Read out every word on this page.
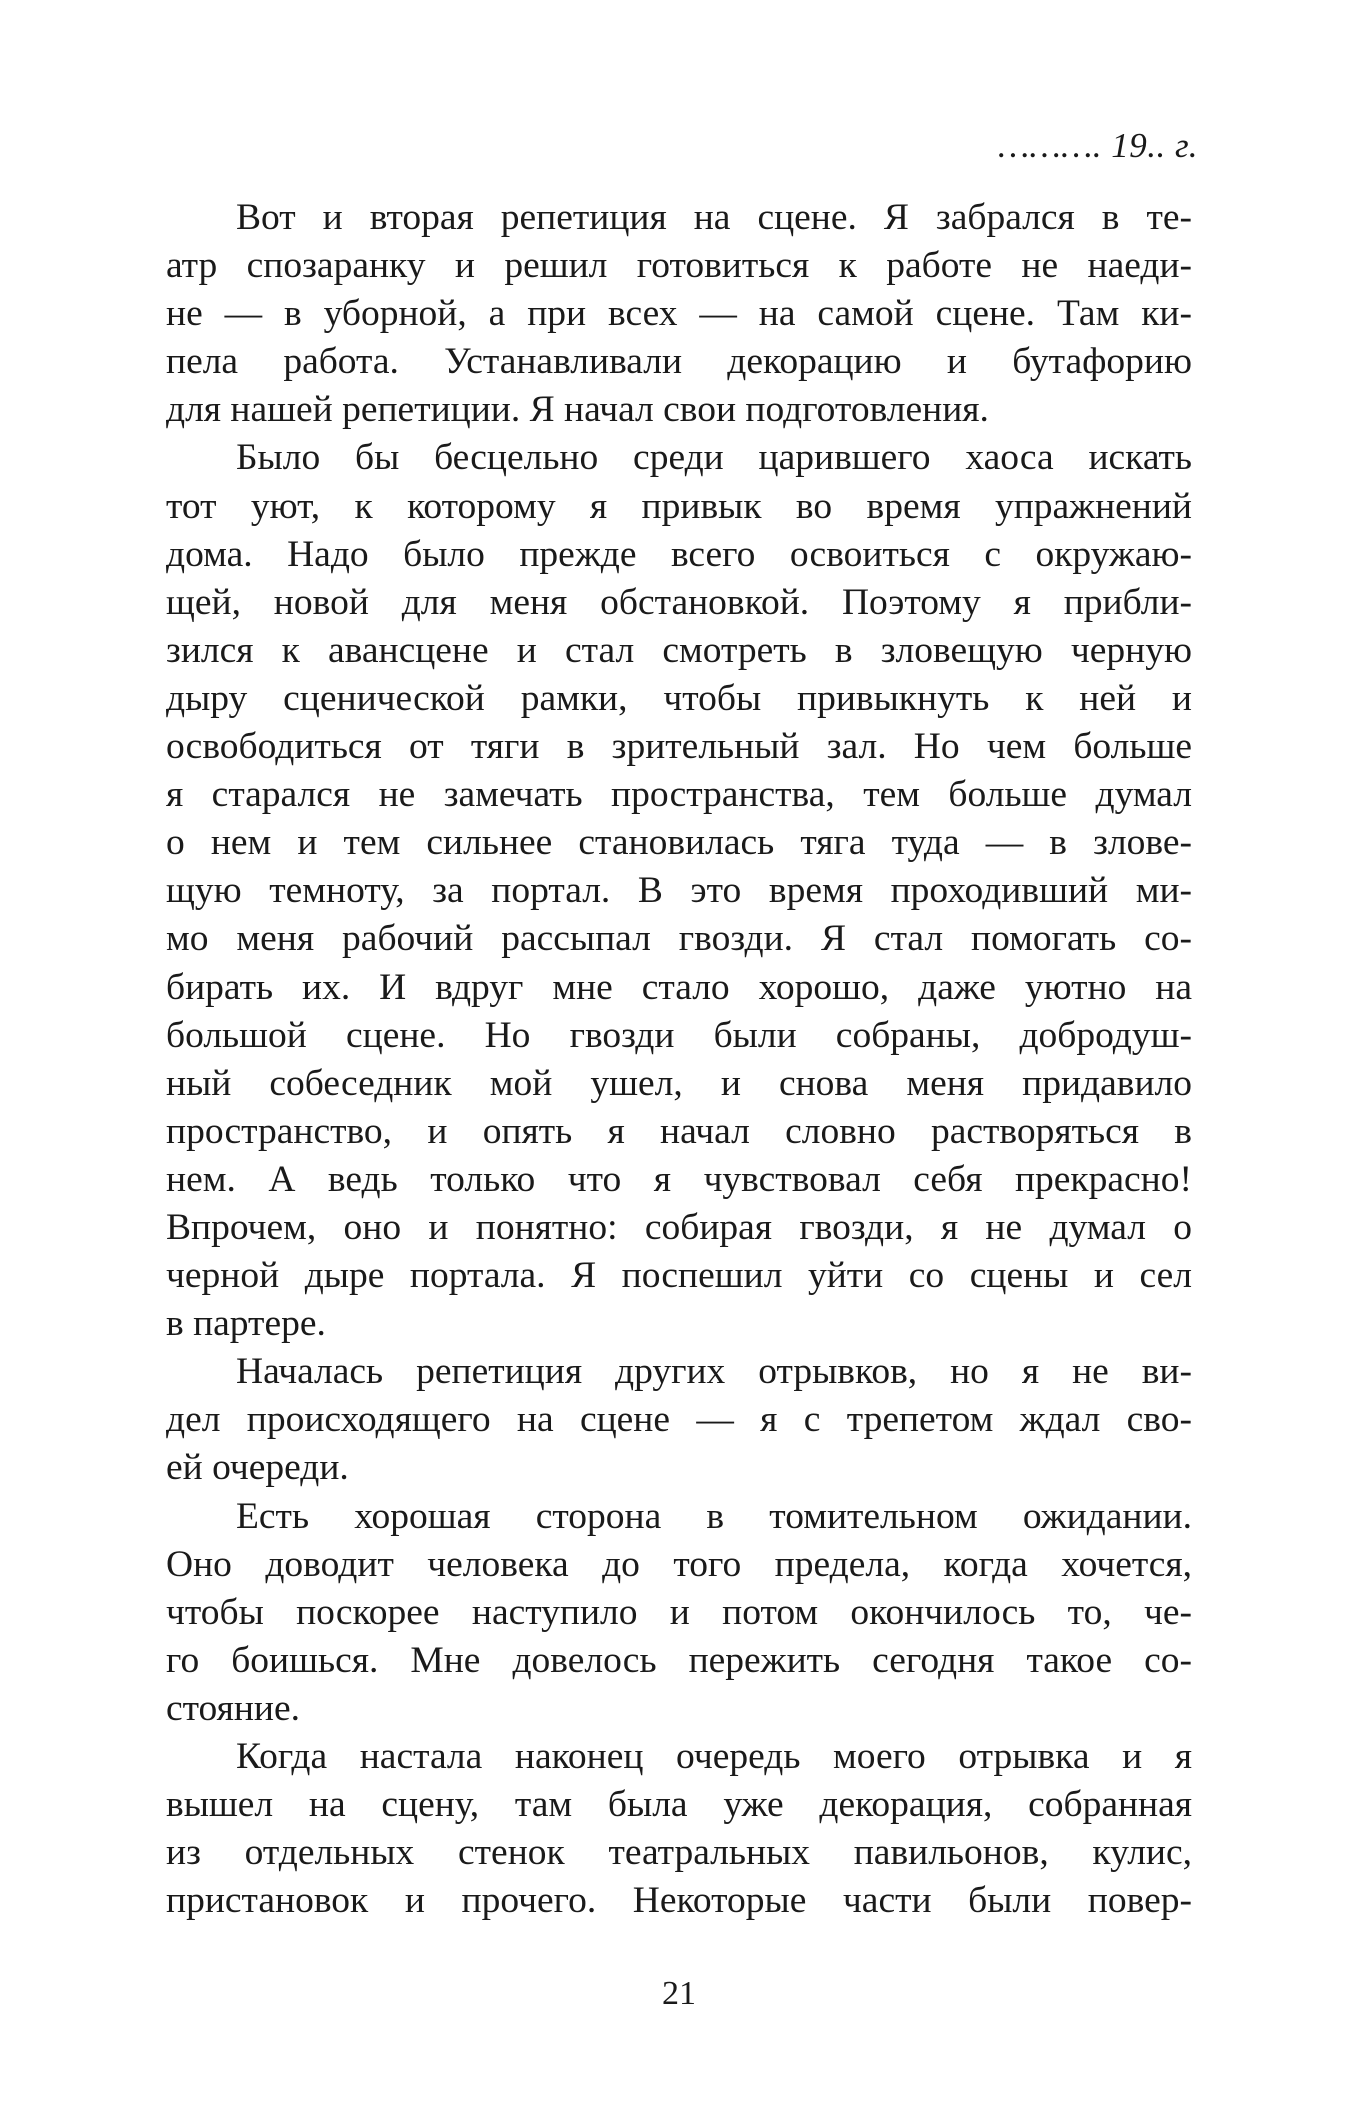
………. 19.. г.
Вот и вторая репетиция на сцене. Я забрался в те-
атр спозаранку и решил готовиться к работе не наеди-
не — в уборной, а при всех — на самой сцене. Там ки-
пела работа. Устанавливали декорацию и бутафорию
для нашей репетиции. Я начал свои подготовления.
Было бы бесцельно среди царившего хаоса искать
тот уют, к которому я привык во время упражнений
дома. Надо было прежде всего освоиться с окружаю-
щей, новой для меня обстановкой. Поэтому я прибли-
зился к авансцене и стал смотреть в зловещую черную
дыру сценической рамки, чтобы привыкнуть к ней и
освободиться от тяги в зрительный зал. Но чем больше
я старался не замечать пространства, тем больше думал
о нем и тем сильнее становилась тяга туда — в злове-
щую темноту, за портал. В это время проходивший ми-
мо меня рабочий рассыпал гвозди. Я стал помогать со-
бирать их. И вдруг мне стало хорошо, даже уютно на
большой сцене. Но гвозди были собраны, добродуш-
ный собеседник мой ушел, и снова меня придавило
пространство, и опять я начал словно растворяться в
нем. А ведь только что я чувствовал себя прекрасно!
Впрочем, оно и понятно: собирая гвозди, я не думал о
черной дыре портала. Я поспешил уйти со сцены и сел
в партере.
Началась репетиция других отрывков, но я не ви-
дел происходящего на сцене — я с трепетом ждал сво-
ей очереди.
Есть хорошая сторона в томительном ожидании.
Оно доводит человека до того предела, когда хочется,
чтобы поскорее наступило и потом окончилось то, че-
го боишься. Мне довелось пережить сегодня такое со-
стояние.
Когда настала наконец очередь моего отрывка и я
вышел на сцену, там была уже декорация, собранная
из отдельных стенок театральных павильонов, кулис,
пристановок и прочего. Некоторые части были повер-
21
